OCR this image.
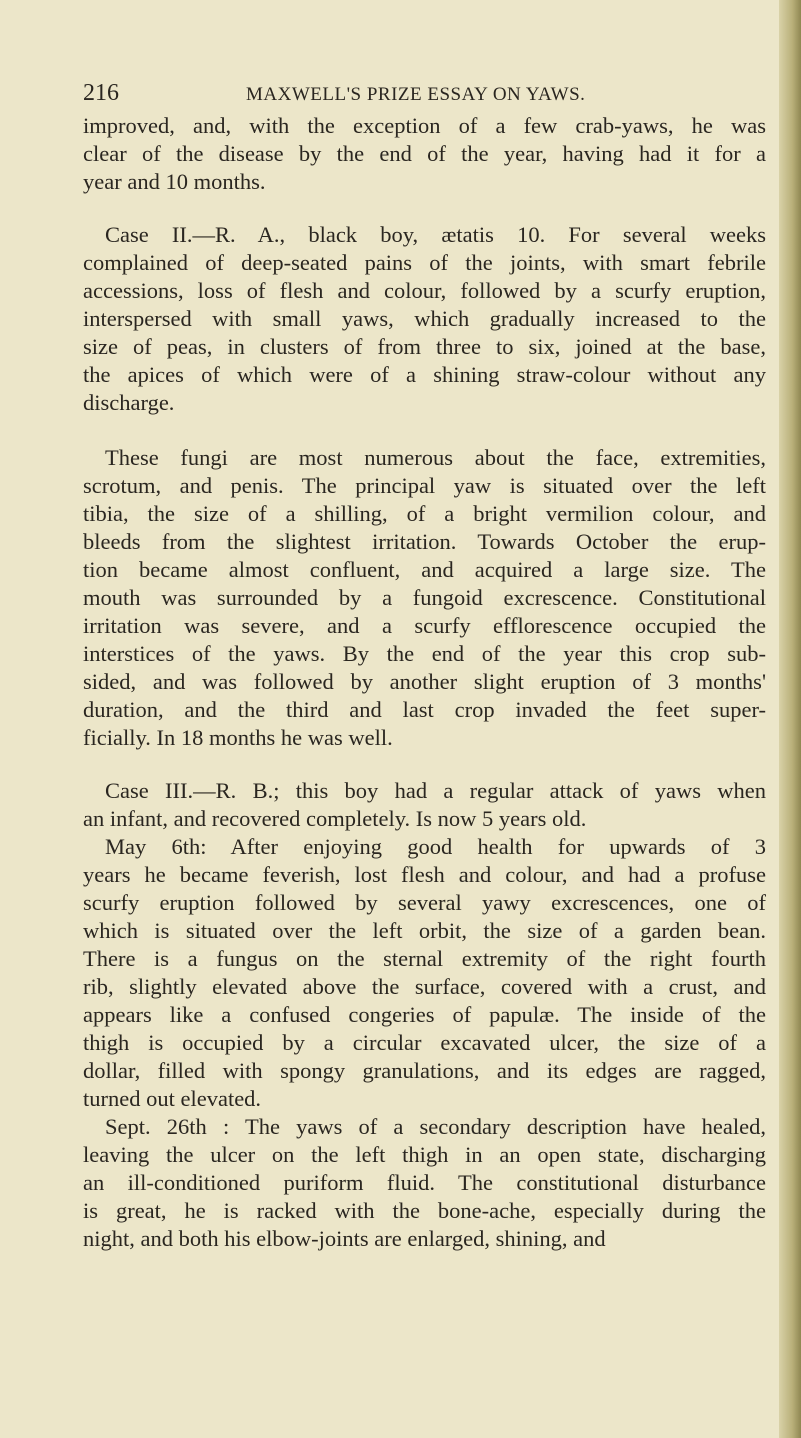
216	MAXWELL'S PRIZE ESSAY ON YAWS.
improved, and, with the exception of a few crab-yaws, he was
clear of the disease by the end of the year, having had it for a
year and 10 months.
Case II.—R. A., black boy, ætatis 10. For several weeks
complained of deep-seated pains of the joints, with smart febrile
accessions, loss of flesh and colour, followed by a scurfy eruption,
interspersed with small yaws, which gradually increased to the
size of peas, in clusters of from three to six, joined at the base,
the apices of which were of a shining straw-colour without any
discharge.
These fungi are most numerous about the face, extremities,
scrotum, and penis. The principal yaw is situated over the left
tibia, the size of a shilling, of a bright vermilion colour, and
bleeds from the slightest irritation. Towards October the erup-
tion became almost confluent, and acquired a large size. The
mouth was surrounded by a fungoid excrescence. Constitutional
irritation was severe, and a scurfy efflorescence occupied the
interstices of the yaws. By the end of the year this crop sub-
sided, and was followed by another slight eruption of 3 months'
duration, and the third and last crop invaded the feet super-
ficially. In 18 months he was well.
Case III.—R. B.; this boy had a regular attack of yaws when
an infant, and recovered completely. Is now 5 years old.
May 6th: After enjoying good health for upwards of 3
years he became feverish, lost flesh and colour, and had a profuse
scurfy eruption followed by several yawy excrescences, one of
which is situated over the left orbit, the size of a garden bean.
There is a fungus on the sternal extremity of the right fourth
rib, slightly elevated above the surface, covered with a crust, and
appears like a confused congeries of papulæ. The inside of the
thigh is occupied by a circular excavated ulcer, the size of a
dollar, filled with spongy granulations, and its edges are ragged,
turned out elevated.
Sept. 26th : The yaws of a secondary description have healed,
leaving the ulcer on the left thigh in an open state, discharging
an ill-conditioned puriform fluid. The constitutional disturbance
is great, he is racked with the bone-ache, especially during the
night, and both his elbow-joints are enlarged, shining, and
